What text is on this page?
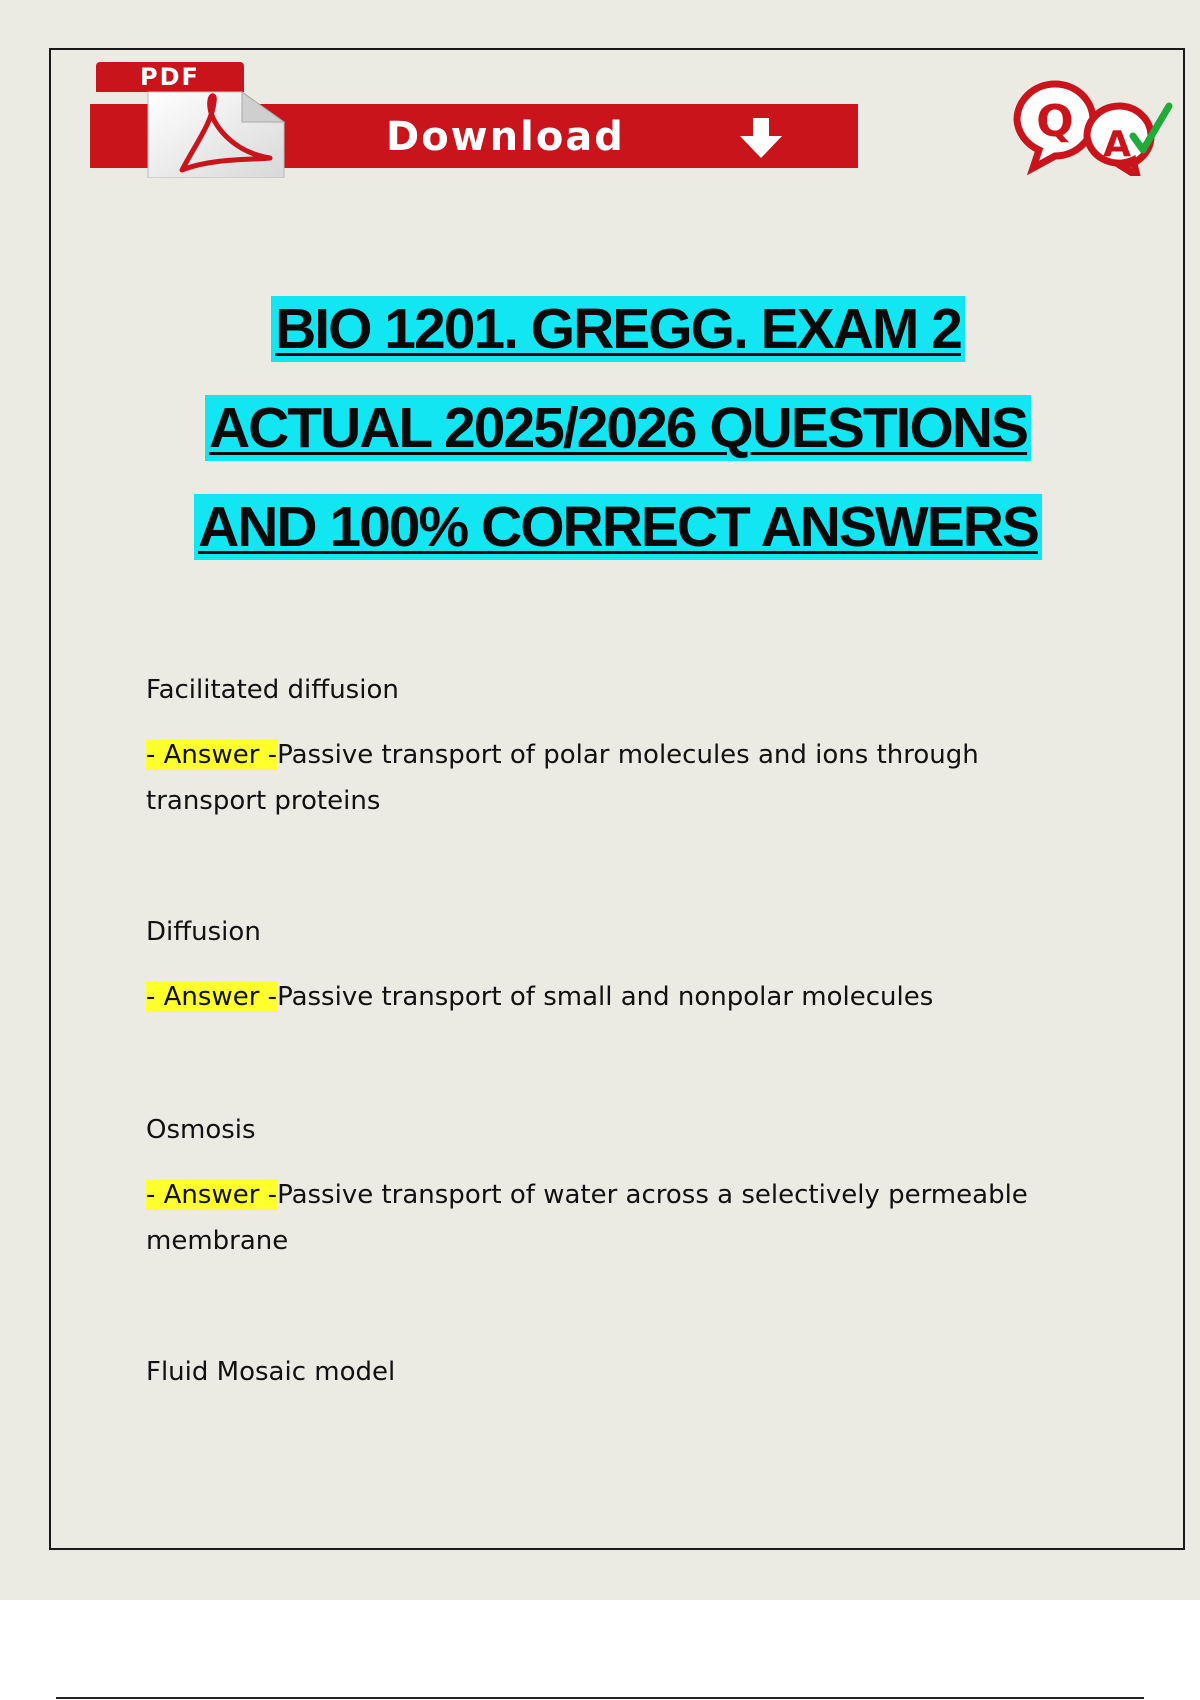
PDF
Download	Q A
BIO 1201. GREGG. EXAM 2
ACTUAL 2025/2026 QUESTIONS
AND 100% CORRECT ANSWERS
Facilitated diffusion
- Answer -Passive transport of polar molecules and ions through transport proteins
Diffusion
- Answer -Passive transport of small and nonpolar molecules
Osmosis
- Answer -Passive transport of water across a selectively permeable membrane
Fluid Mosaic model
